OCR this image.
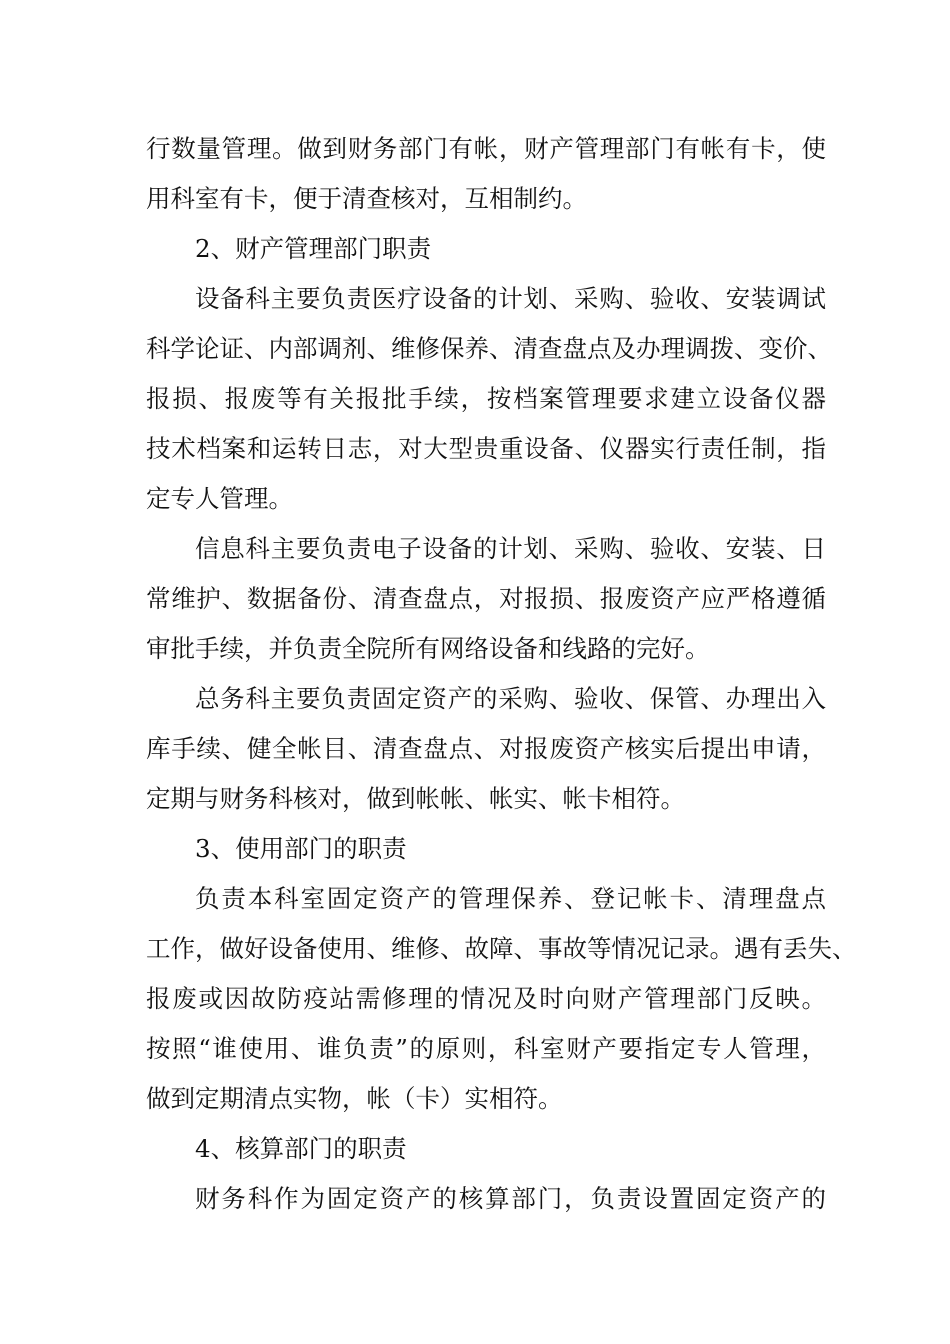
行数量管理。做到财务部门有帐，财产管理部门有帐有卡，使
用科室有卡，便于清查核对，互相制约。
2、财产管理部门职责
设备科主要负责医疗设备的计划、采购、验收、安装调试
科学论证、内部调剂、维修保养、清查盘点及办理调拨、变价、
报损、报废等有关报批手续，按档案管理要求建立设备仪器
技术档案和运转日志，对大型贵重设备、仪器实行责任制，指
定专人管理。
信息科主要负责电子设备的计划、采购、验收、安装、日
常维护、数据备份、清查盘点，对报损、报废资产应严格遵循
审批手续，并负责全院所有网络设备和线路的完好。
总务科主要负责固定资产的采购、验收、保管、办理出入
库手续、健全帐目、清查盘点、对报废资产核实后提出申请，
定期与财务科核对，做到帐帐、帐实、帐卡相符。
3、使用部门的职责
负责本科室固定资产的管理保养、登记帐卡、清理盘点
工作，做好设备使用、维修、故障、事故等情况记录。遇有丢失、
报废或因故防疫站需修理的情况及时向财产管理部门反映。
按照“谁使用、谁负责”的原则，科室财产要指定专人管理，
做到定期清点实物，帐（卡）实相符。
4、核算部门的职责
财务科作为固定资产的核算部门，负责设置固定资产的
